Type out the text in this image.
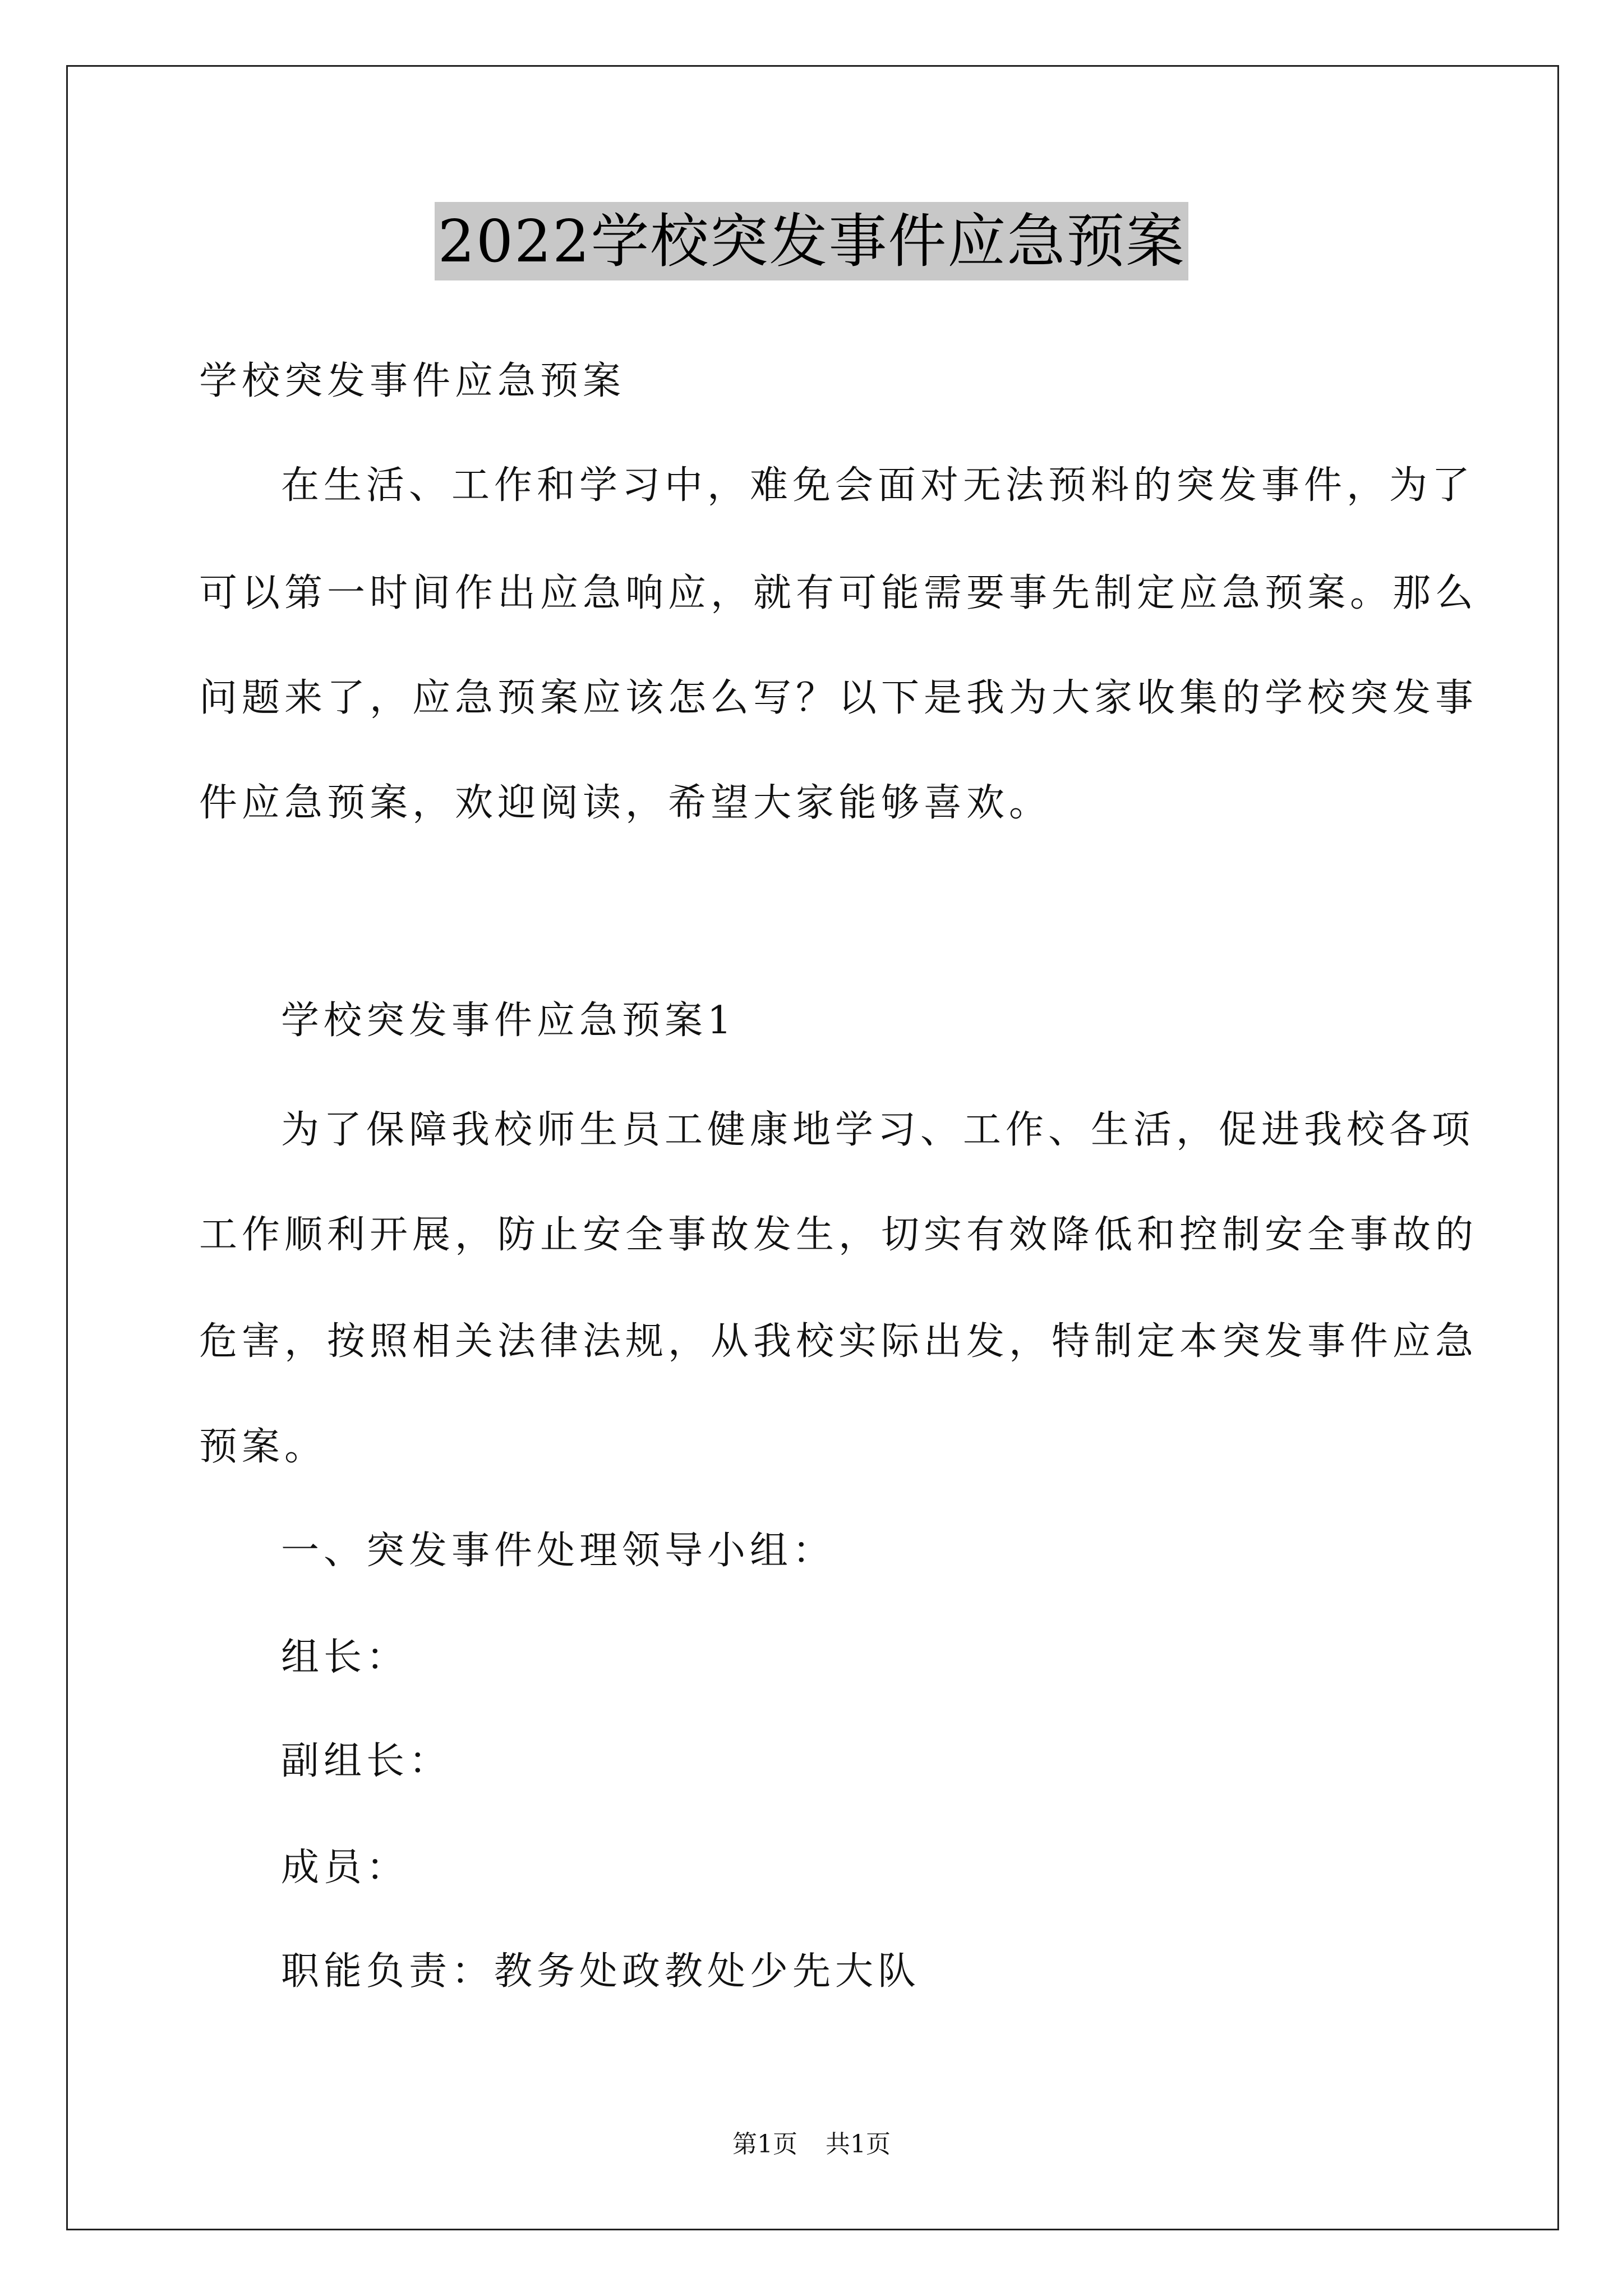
2022学校突发事件应急预案
学校突发事件应急预案
在生活、工作和学习中，难免会面对无法预料的突发事件，为了
可以第一时间作出应急响应，就有可能需要事先制定应急预案。那么
问题来了，应急预案应该怎么写？以下是我为大家收集的学校突发事
件应急预案，欢迎阅读，希望大家能够喜欢。
学校突发事件应急预案1
为了保障我校师生员工健康地学习、工作、生活，促进我校各项
工作顺利开展，防止安全事故发生，切实有效降低和控制安全事故的
危害，按照相关法律法规，从我校实际出发，特制定本突发事件应急
预案。
一、突发事件处理领导小组：
组长：
副组长：
成员：
职能负责：教务处政教处少先大队
第1页 共1页
